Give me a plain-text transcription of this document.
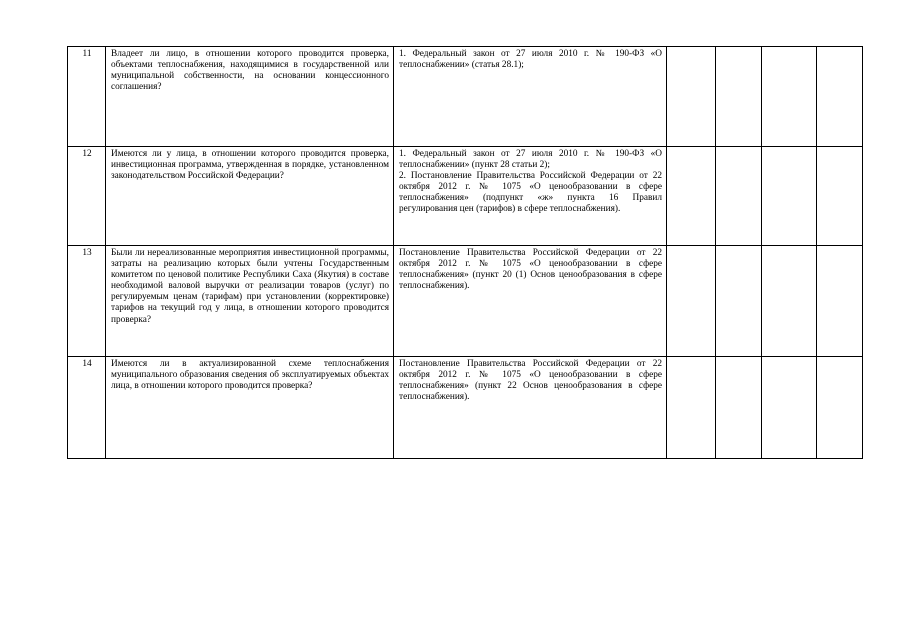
11	Владеет ли лицо, в отношении которого проводится проверка, объектами теплоснабжения, находящимися в государственной или муниципальной собственности, на основании концессионного соглашения?	1. Федеральный закон от 27 июля 2010 г. № 190-ФЗ «О теплоснабжении» (статья 28.1);				

12	Имеются ли у лица, в отношении которого проводится проверка, инвестиционная программа, утвержденная в порядке, установленном законодательством Российской Федерации?	1. Федеральный закон от 27 июля 2010 г. № 190-ФЗ «О теплоснабжении» (пункт 28 статьи 2);
2. Постановление Правительства Российской Федерации от 22 октября 2012 г. № 1075 «О ценообразовании в сфере теплоснабжения» (подпункт «ж» пункта 16 Правил регулирования цен (тарифов) в сфере теплоснабжения).				

13	Были ли нереализованные мероприятия инвестиционной программы, затраты на реализацию которых были учтены Государственным комитетом по ценовой политике Республики Саха (Якутия) в составе необходимой валовой выручки от реализации товаров (услуг) по регулируемым ценам (тарифам) при установлении (корректировке) тарифов на текущий год у лица, в отношении которого проводится проверка?	Постановление Правительства Российской Федерации от 22 октября 2012 г. № 1075 «О ценообразовании в сфере теплоснабжения» (пункт 20 (1) Основ ценообразования в сфере теплоснабжения).				

14	Имеются ли в актуализированной схеме теплоснабжения муниципального образования сведения об эксплуатируемых объектах лица, в отношении которого проводится проверка?	Постановление Правительства Российской Федерации от 22 октября 2012 г. № 1075 «О ценообразовании в сфере теплоснабжения» (пункт 22 Основ ценообразования в сфере теплоснабжения).				
